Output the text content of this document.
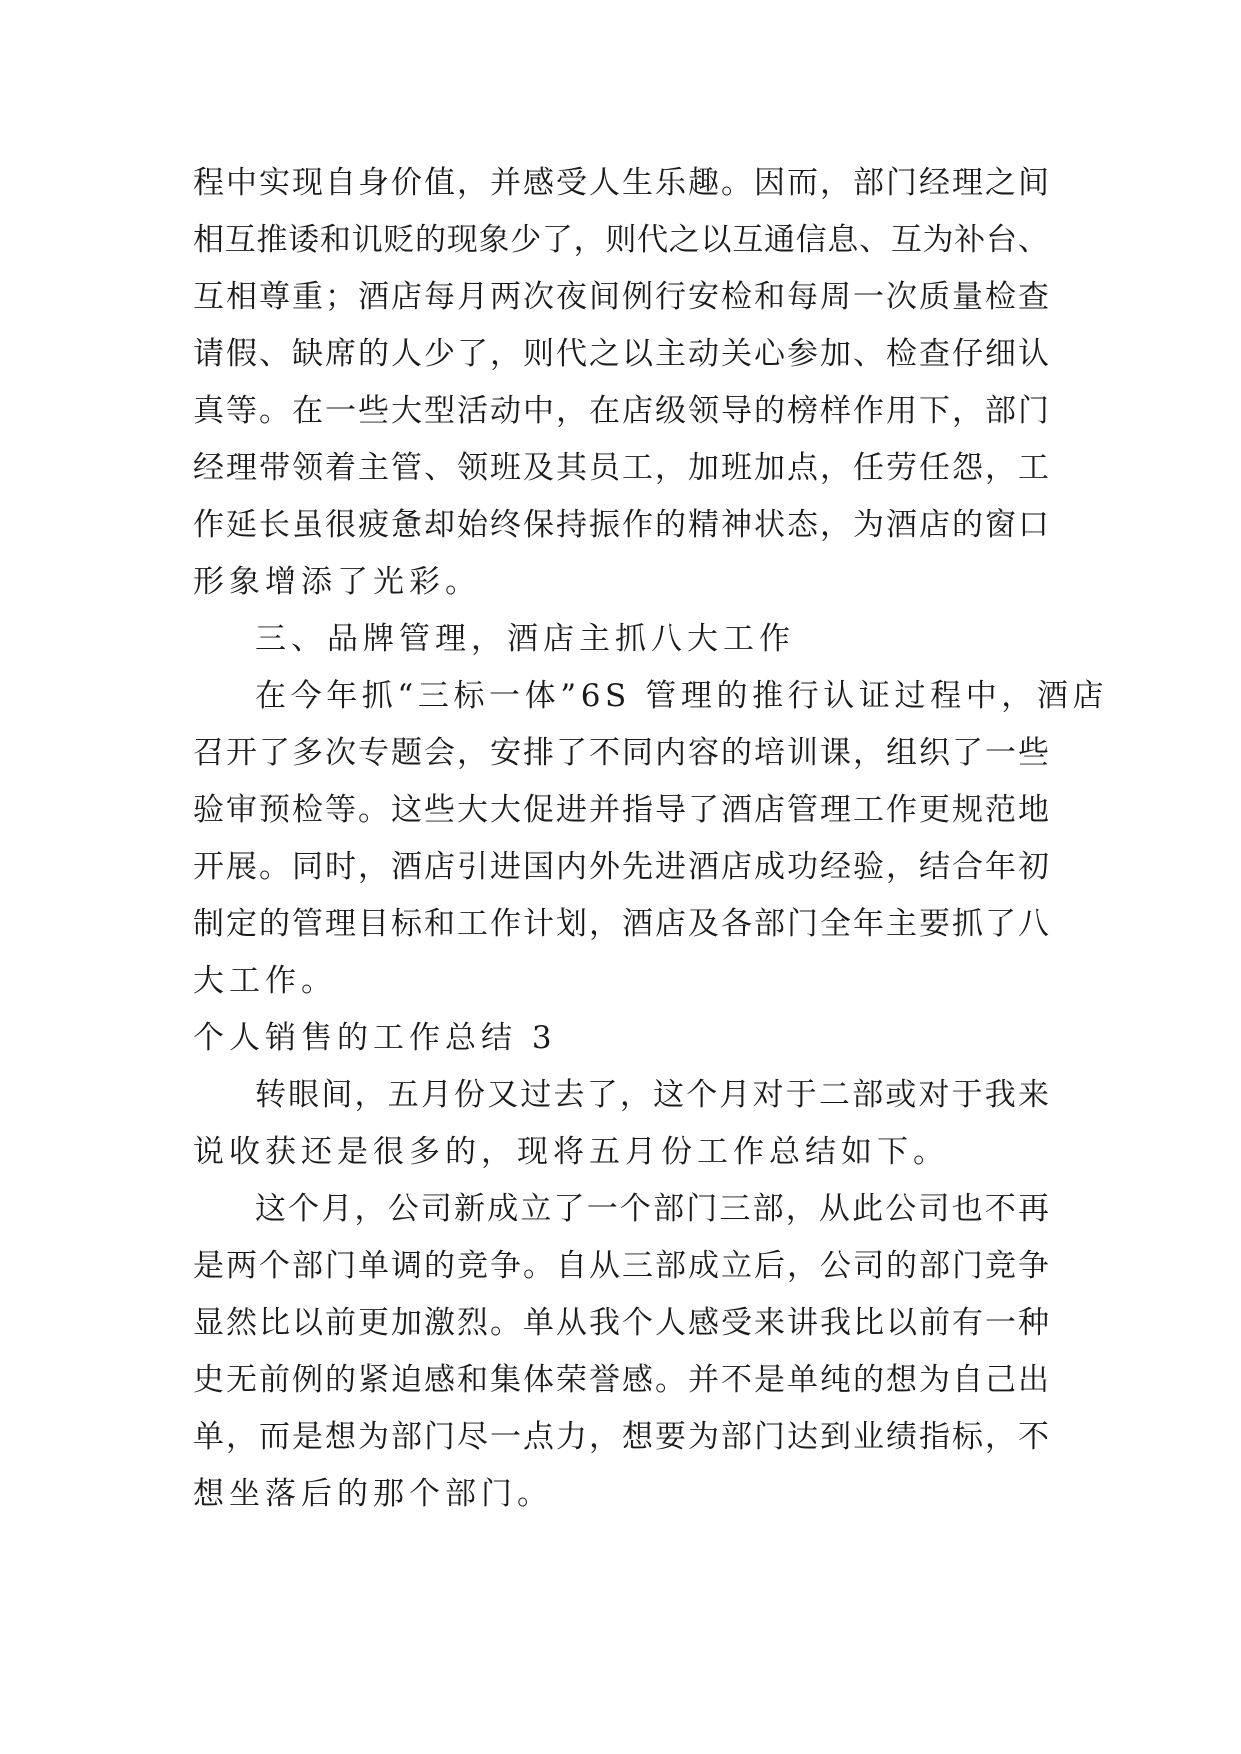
程 中 实 现 自 身 价 值 ， 并 感 受 人 生 乐 趣 。 因 而 ， 部 门 经 理 之 间
相 互 推 诿 和 讥 贬 的 现 象 少 了 ， 则 代 之 以 互 通 信 息 、 互 为 补 台 、
互 相 尊 重 ； 酒 店 每 月 两 次 夜 间 例 行 安 检 和 每 周 一 次 质 量 检 查
请 假 、 缺 席 的 人 少 了 ， 则 代 之 以 主 动 关 心 参 加 、 检 查 仔 细 认
真 等 。 在 一 些 大 型 活 动 中 ， 在 店 级 领 导 的 榜 样 作 用 下 ， 部 门
经 理 带 领 着 主 管 、 领 班 及 其 员 工 ， 加 班 加 点 ， 任 劳 任 怨 ， 工
作 延 长 虽 很 疲 惫 却 始 终 保 持 振 作 的 精 神 状 态 ， 为 酒 店 的 窗 口
形象增添了光彩。
三、品牌管理，酒店主抓八大工作
在今年抓“三标一体”6S 管理的推行认证过程中，酒店
召 开 了 多 次 专 题 会 ， 安 排 了 不 同 内 容 的 培 训 课 ， 组 织 了 一 些
验 审 预 检 等 。 这 些 大 大 促 进 并 指 导 了 酒 店 管 理 工 作 更 规 范 地
开 展 。 同 时 ， 酒 店 引 进 国 内 外 先 进 酒 店 成 功 经 验 ， 结 合 年 初
制 定 的 管 理 目 标 和 工 作 计 划 ， 酒 店 及 各 部 门 全 年 主 要 抓 了 八
大工作。
个人销售的工作总结 3
转 眼 间 ， 五 月 份 又 过 去 了 ， 这 个 月 对 于 二 部 或 对 于 我 来
说收获还是很多的，现将五月份工作总结如下。
这 个 月 ， 公 司 新 成 立 了 一 个 部 门 三 部 ， 从 此 公 司 也 不 再
是 两 个 部 门 单 调 的 竞 争 。 自 从 三 部 成 立 后 ， 公 司 的 部 门 竞 争
显 然 比 以 前 更 加 激 烈 。 单 从 我 个 人 感 受 来 讲 我 比 以 前 有 一 种
史 无 前 例 的 紧 迫 感 和 集 体 荣 誉 感 。 并 不 是 单 纯 的 想 为 自 己 出
单 ， 而 是 想 为 部 门 尽 一 点 力 ， 想 要 为 部 门 达 到 业 绩 指 标 ， 不
想坐落后的那个部门。
